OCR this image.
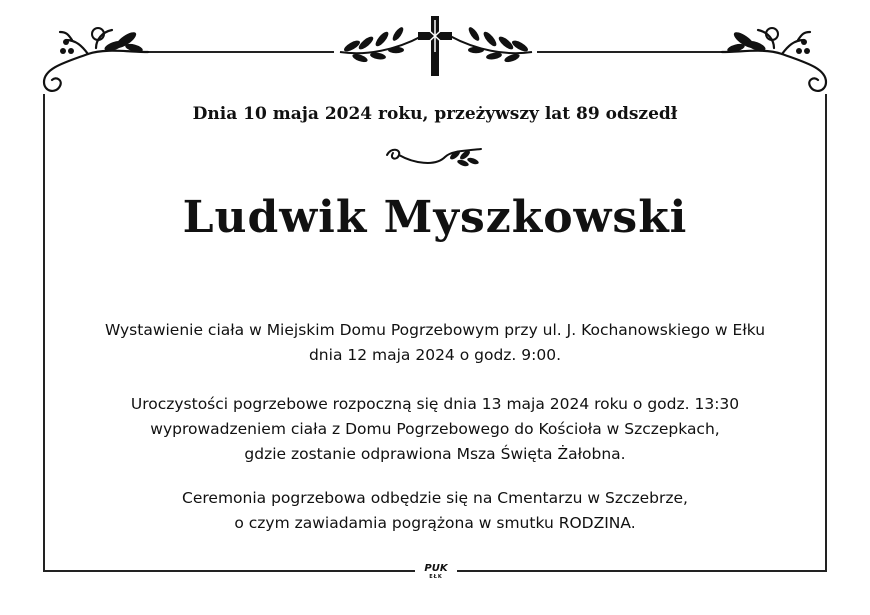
Dnia 10 maja 2024 roku, przeżywszy lat 89 odszedł
Ludwik Myszkowski
Wystawienie ciała w Miejskim Domu Pogrzebowym przy ul. J. Kochanowskiego w Ełku
dnia 12 maja 2024 o godz. 9:00.
Uroczystości pogrzebowe rozpoczną się dnia 13 maja 2024 roku o godz. 13:30
wyprowadzeniem ciała z Domu Pogrzebowego do Kościoła w Szczepkach,
gdzie zostanie odprawiona Msza Święta Żałobna.
Ceremonia pogrzebowa odbędzie się na Cmentarzu w Szczebrze,
o czym zawiadamia pogrążona w smutku RODZINA.
PUK
EŁK
